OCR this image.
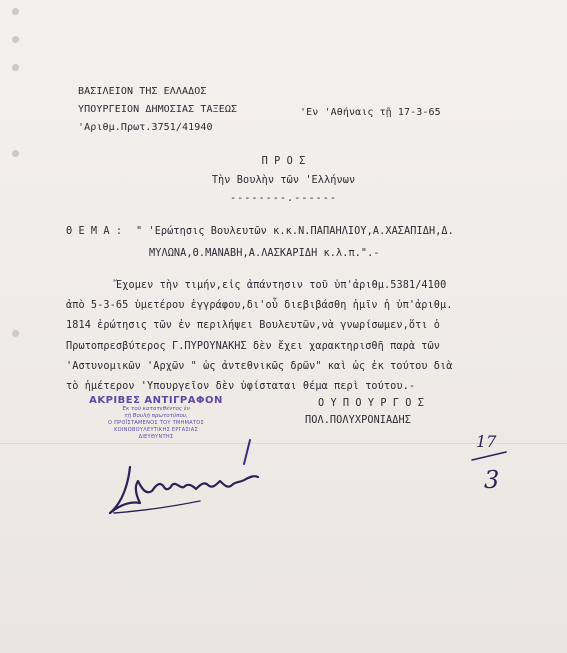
ΒΑΣΙΛΕΙΟΝ ΤΗΣ ΕΛΛΑΔΟΣ
ΥΠΟΥΡΓΕΙΟΝ ΔΗΜΟΣΙΑΣ ΤΑΞΕΩΣ
'Αριθμ.Πρωτ.3751/41940
'Εν 'Αθήναις τῇ 17-3-65
Π Ρ Ο Σ
Τὴν Βουλὴν τῶν 'Ελλήνων
--------.------
Θ Ε Μ Α : " 'Ερώτησις Βουλευτῶν κ.κ.Ν.ΠΑΠΑΗΛΙΟΥ,Α.ΧΑΣΑΠΙΔΗ,Δ.
ΜΥΛΩΝΑ,Θ.ΜΑΝΑΒΗ,Α.ΛΑΣΚΑΡΙΔΗ κ.λ.π.".-
Ἔχομεν τὴν τιμήν,εἰς ἀπάντησιν τοῦ ὑπ'ἀριθμ.5381/4100
ἀπὸ 5-3-65 ὑμετέρου ἐγγράφου,δι'οὗ διεβιβάσθη ἡμῖν ἡ ὑπ'ἀριθμ.
1814 ἐρώτησις τῶν ἐν περιλήψει Βουλευτῶν,νὰ γνωρίσωμεν,ὅτι ὁ
Πρωτοπρεσβύτερος Γ.ΠΥΡΟΥΝΑΚΗΣ δὲν ἔχει χαρακτηρισθῆ παρὰ τῶν
'Αστυνομικῶν 'Αρχῶν " ὡς ἀντεθνικῶς δρῶν" καὶ ὡς ἐκ τούτου διὰ
τὸ ἡμέτερον 'Υπουργεῖον δὲν ὑφίσταται θέμα περὶ τούτου.-
Ο Υ Π Ο Υ Ρ Γ Ο Σ
ΠΟΛ.ΠΟΛΥΧΡΟΝΙΑΔΗΣ
ΑΚΡΙΒΕΣ ΑΝΤΙΓΡΑΦΟΝ
Ἐκ τοῦ κατατεθέντος ἐν
τῇ Βουλῇ πρωτοτύπου,
Ο ΠΡΟΪΣΤΑΜΕΝΟΣ ΤΟΥ ΤΜΗΜΑΤΟΣ
ΚΟΙΝΟΒΟΥΛΕΥΤΙΚΗΣ ΕΡΓΑΣΙΑΣ
ΔΙΕΥΘΥΝΤΗΣ	17
3
